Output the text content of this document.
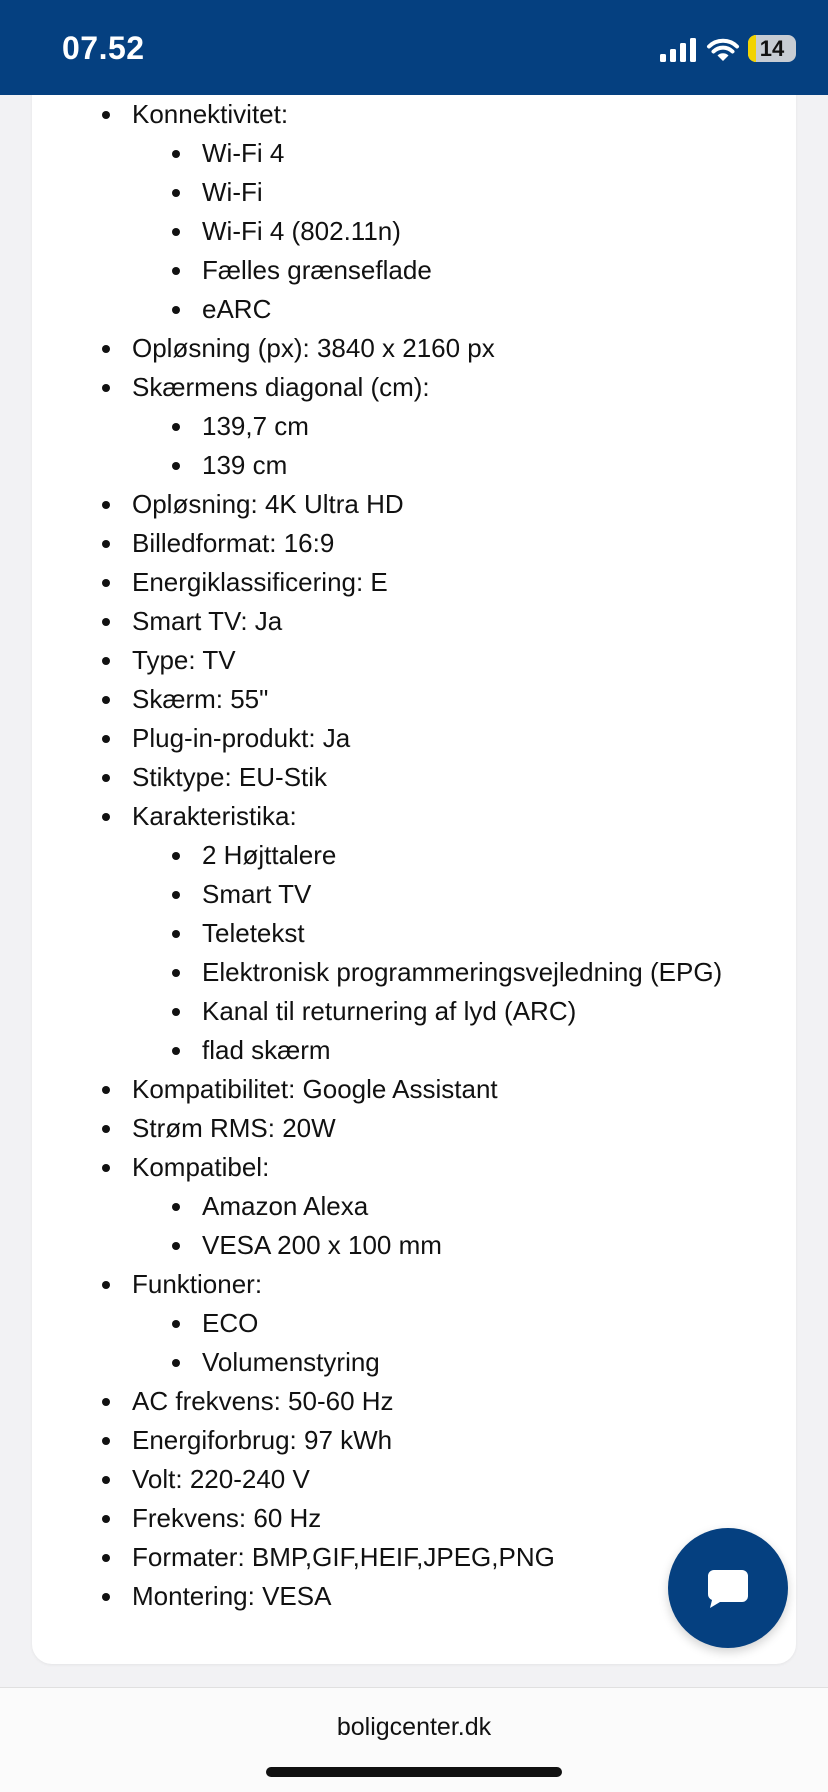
07.52	14
Konnektivitet:
Wi-Fi 4
Wi-Fi
Wi-Fi 4 (802.11n)
Fælles grænseflade
eARC
Opløsning (px): 3840 x 2160 px
Skærmens diagonal (cm):
139,7 cm
139 cm
Opløsning: 4K Ultra HD
Billedformat: 16:9
Energiklassificering: E
Smart TV: Ja
Type: TV
Skærm: 55"
Plug-in-produkt: Ja
Stiktype: EU-Stik
Karakteristika:
2 Højttalere
Smart TV
Teletekst
Elektronisk programmeringsvejledning (EPG)
Kanal til returnering af lyd (ARC)
flad skærm
Kompatibilitet: Google Assistant
Strøm RMS: 20W
Kompatibel:
Amazon Alexa
VESA 200 x 100 mm
Funktioner:
ECO
Volumenstyring
AC frekvens: 50-60 Hz
Energiforbrug: 97 kWh
Volt: 220-240 V
Frekvens: 60 Hz
Formater: BMP,GIF,HEIF,JPEG,PNG
Montering: VESA
boligcenter.dk
